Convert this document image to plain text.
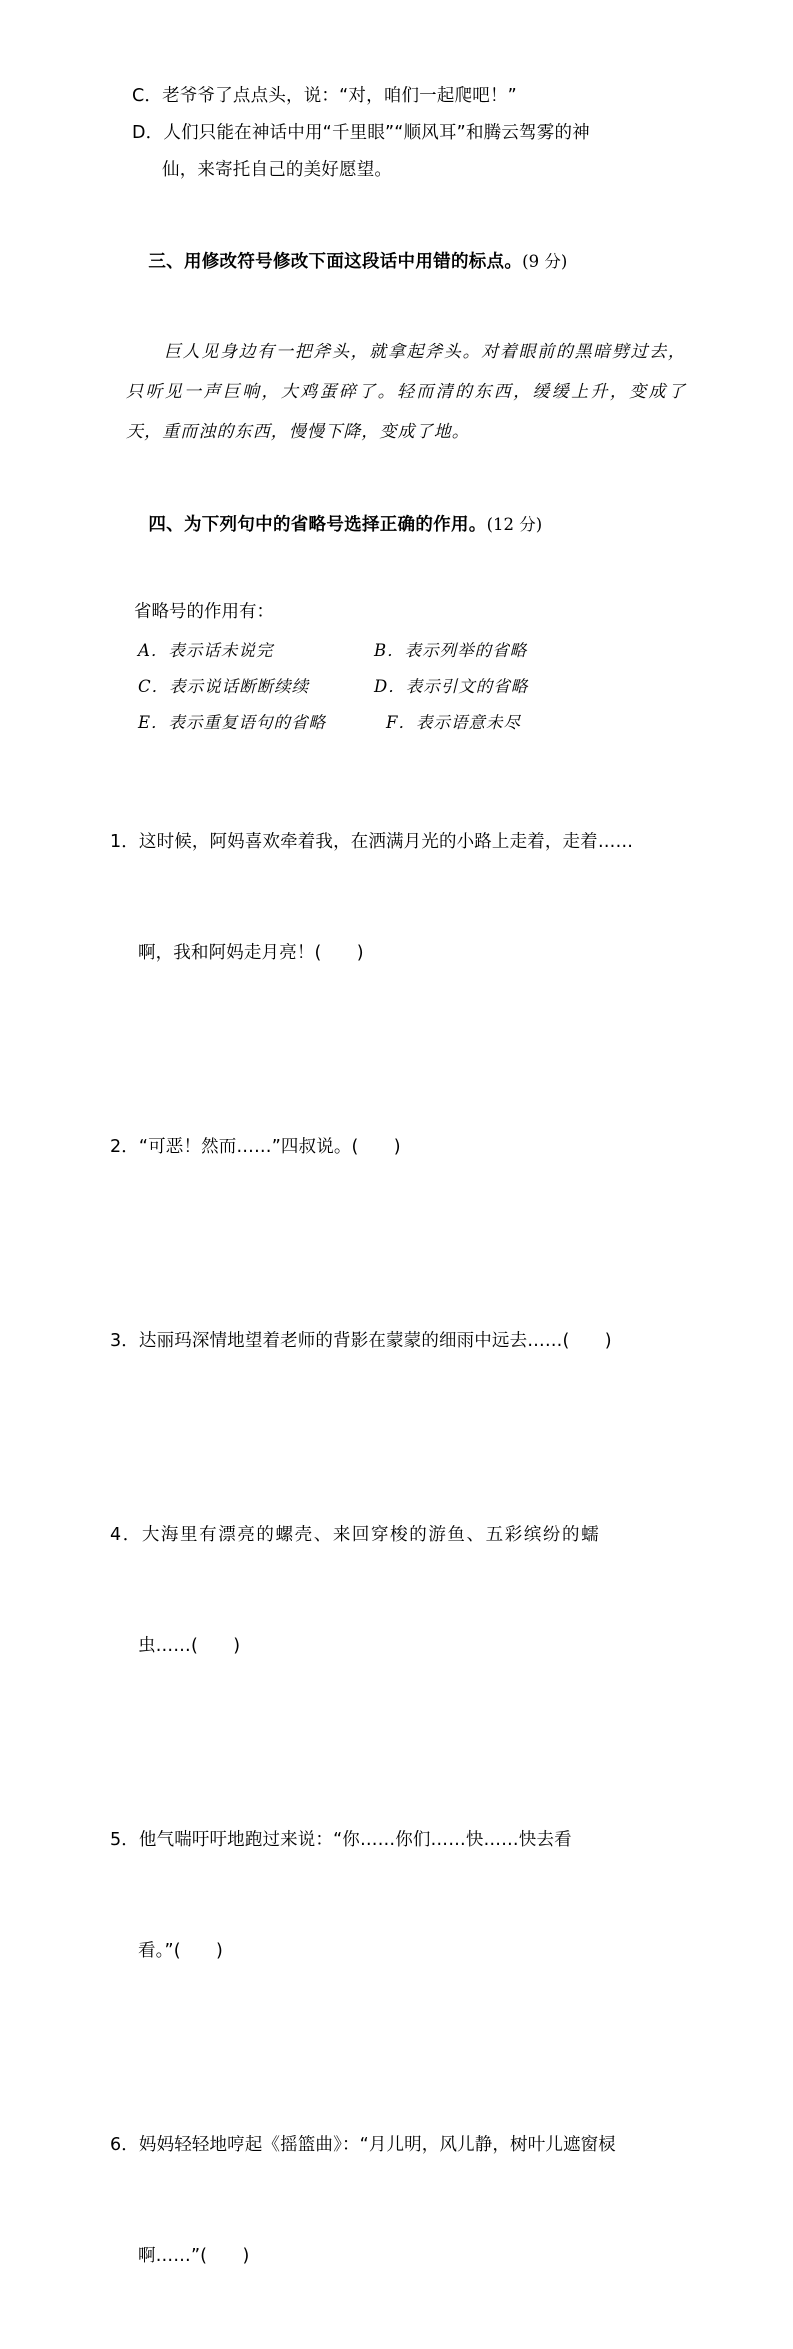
C．老爷爷了点点头，说：“对，咱们一起爬吧！”
D．人们只能在神话中用“千里眼”“顺风耳”和腾云驾雾的神
仙，来寄托自己的美好愿望。

三、用修改符号修改下面这段话中用错的标点。(9 分)

巨人见身边有一把斧头，就拿起斧头。对着眼前的黑暗劈过去，只听见一声巨响，大鸡蛋碎了。轻而清的东西，缓缓上升，变成了天，重而浊的东西，慢慢下降，变成了地。

四、为下列句中的省略号选择正确的作用。(12 分)

省略号的作用有：
A．表示话未说完	B．表示列举的省略
C．表示说话断断续续	D．表示引文的省略
E．表示重复语句的省略	F．表示语意未尽

1．这时候，阿妈喜欢牵着我，在洒满月光的小路上走着，走着……

啊，我和阿妈走月亮！(　　)

2．“可恶！然而……”四叔说。(　　)

3．达丽玛深情地望着老师的背影在蒙蒙的细雨中远去……(　　)

4．大海里有漂亮的螺壳、来回穿梭的游鱼、五彩缤纷的蠕

虫……(　　)

5．他气喘吁吁地跑过来说：“你……你们……快……快去看

看。”(　　)

6．妈妈轻轻地哼起《摇篮曲》：“月儿明，风儿静，树叶儿遮窗棂

啊……”(　　)
